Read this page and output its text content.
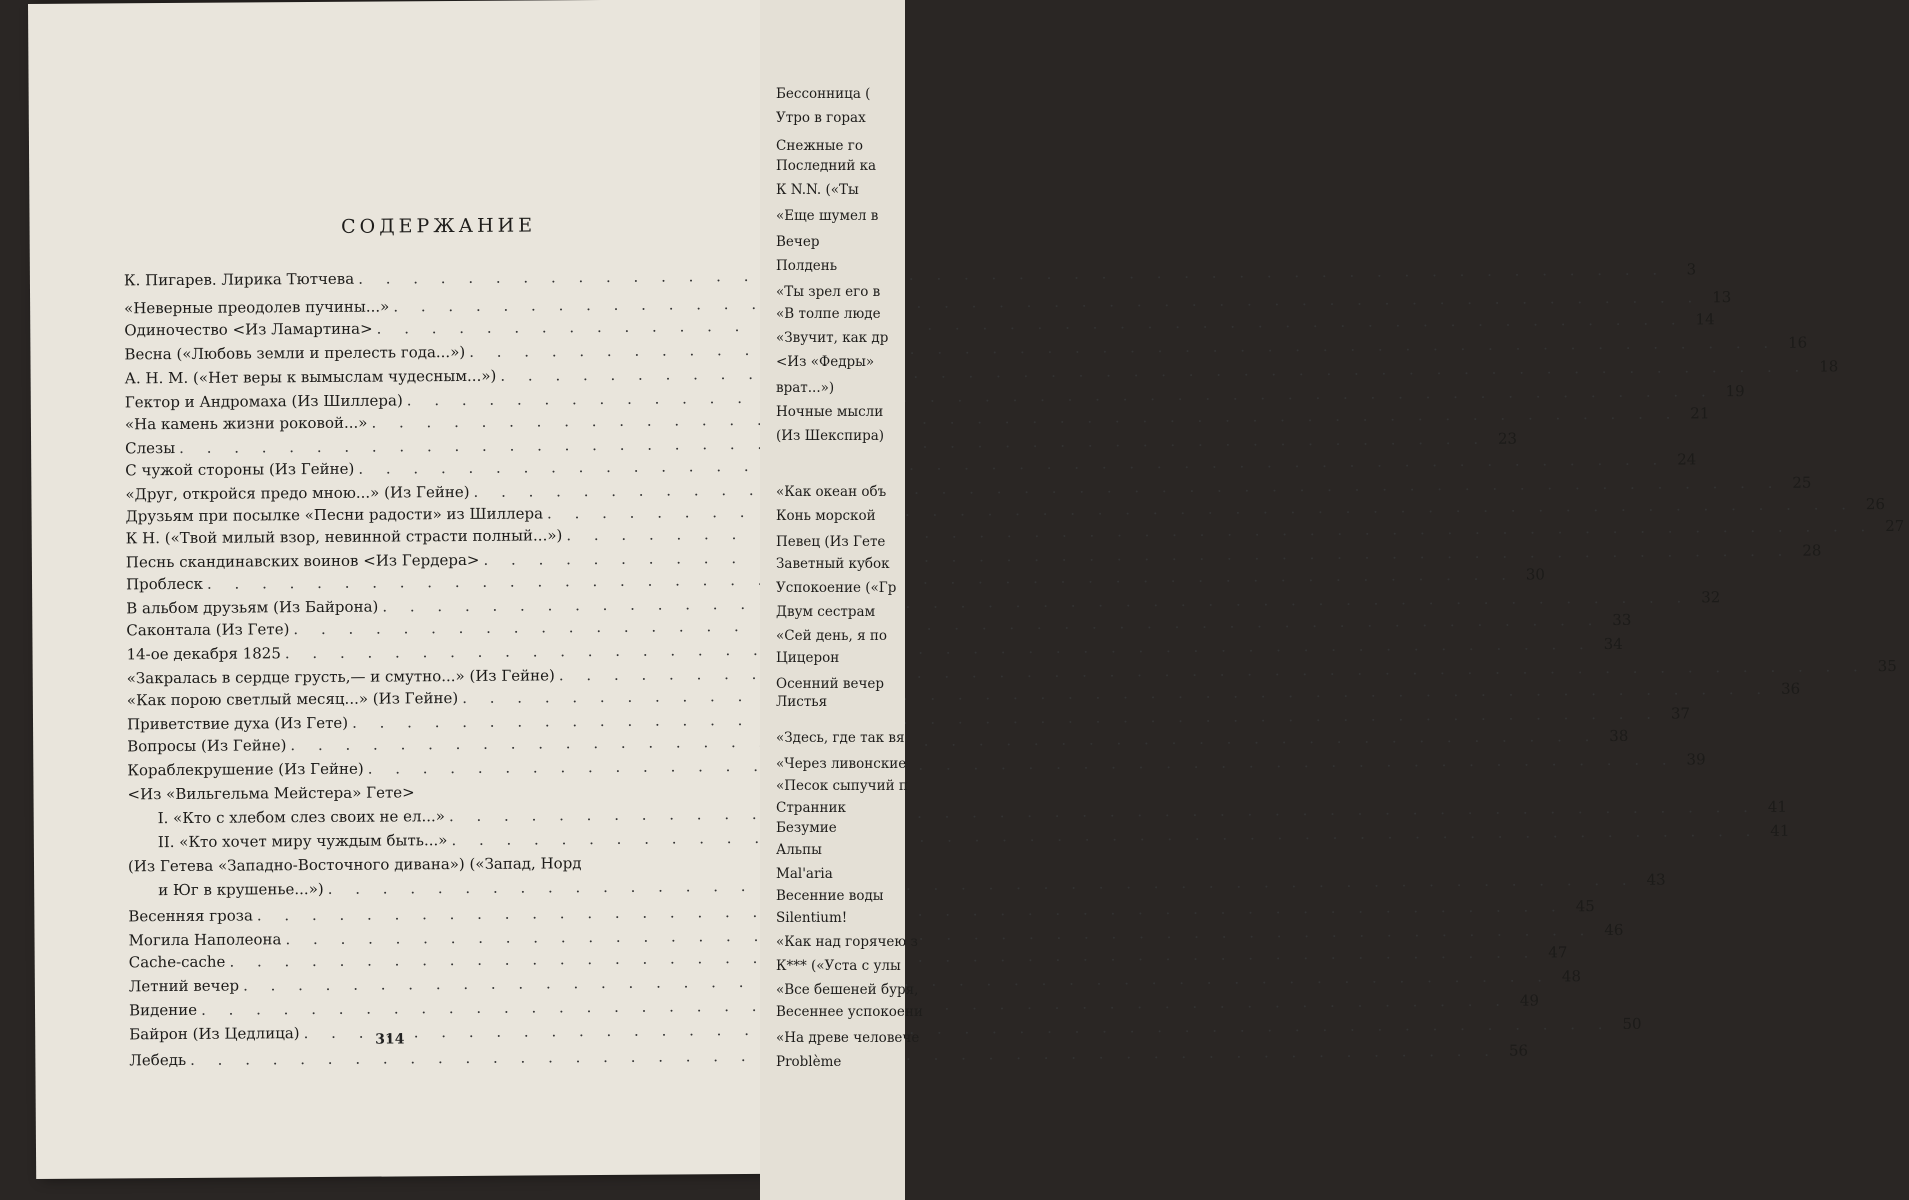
СОДЕРЖАНИЕ
К. Пигарев. Лирика Тютчева
. . .
3
«Неверные преодолев пучины...»
. . .
13
Одиночество <Из Ламартина>
. . .
14
Весна («Любовь земли и прелесть года...»)
. . .
16
А. Н. М. («Нет веры к вымыслам чудесным...»)
. . .
18
Гектор и Андромаха (Из Шиллера)
. . .
19
«На камень жизни роковой...»
. . .
21
Слезы
. . .
23
С чужой стороны (Из Гейне)
. . .
24
«Друг, откройся предо мною...» (Из Гейне)
. . .
25
Друзьям при посылке «Песни радости» из Шиллера
. . .
26
К Н. («Твой милый взор, невинной страсти полный...»)
. . .
27
Песнь скандинавских воинов <Из Гердера>
. . .
28
Проблеск
. . .
30
В альбом друзьям (Из Байрона)
. . .
32
Саконтала (Из Гете)
. . .
33
14-ое декабря 1825
. . .
34
«Закралась в сердце грусть,— и смутно...» (Из Гейне)
. . .
35
«Как порою светлый месяц...» (Из Гейне)
. . .
36
Приветствие духа (Из Гете)
. . .
37
Вопросы (Из Гейне)
. . .
38
Кораблекрушение (Из Гейне)
. . .
39
<Из «Вильгельма Мейстера» Гете>
I. «Кто с хлебом слез своих не ел...»
. . .
41
II. «Кто хочет миру чуждым быть...»
. . .
41
(Из Гетева «Западно-Восточного дивана») («Запад, Норд
и Юг в крушенье...»)
. . .
43
Весенняя гроза
. . .
45
Могила Наполеона
. . .
46
Cache-cache
. . .
47
Летний вечер
. . .
48
Видение
. . .
49
Байрон (Из Цедлица)
. . .
50
Лебедь
. . .
56
314
Бессонница (
Утро в горах
Снежные го
Последний ка
К N.N. («Ты
«Еще шумел в
Вечер
Полдень
«Ты зрел его в
«В толпе люде
«Звучит, как др
<Из «Федры»
врат...»)
Ночные мысли
(Из Шекспира)
«Как океан объ
Конь морской
Певец (Из Гете
Заветный кубок
Успокоение («Гр
Двум сестрам
«Сей день, я по
Цицерон
Осенний вечер
Листья
«Здесь, где так вя
«Через ливонские
«Песок сыпучий п
Странник
Безумие
Альпы
Mal'aria
Весенние воды
Silentium!
«Как над горячею з
К*** («Уста с улы
«Все бешеней буря,
Весеннее успокоени
«На древе человече
Problème
